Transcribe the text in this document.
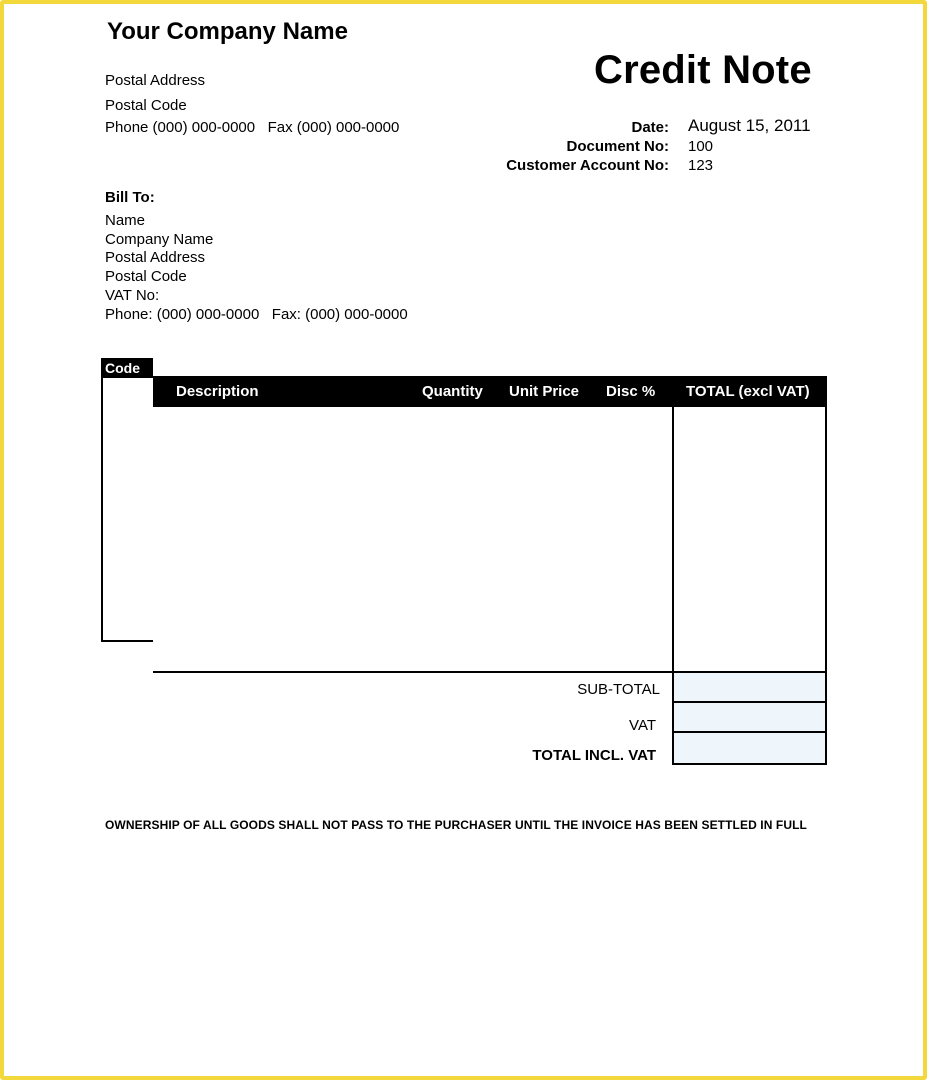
Your Company Name
Postal Address
Postal Code
Phone (000) 000-0000   Fax (000) 000-0000
Credit Note
Date: August 15, 2011
Document No: 100
Customer Account No: 123
Bill To:
Name
Company Name
Postal Address
Postal Code
VAT No:
Phone: (000) 000-0000   Fax: (000) 000-0000
Code
Description	Quantity Unit Price Disc % TOTAL (excl VAT)
SUB-TOTAL
VAT
TOTAL INCL. VAT
OWNERSHIP OF ALL GOODS SHALL NOT PASS TO THE PURCHASER UNTIL THE INVOICE HAS BEEN SETTLED IN FULL
